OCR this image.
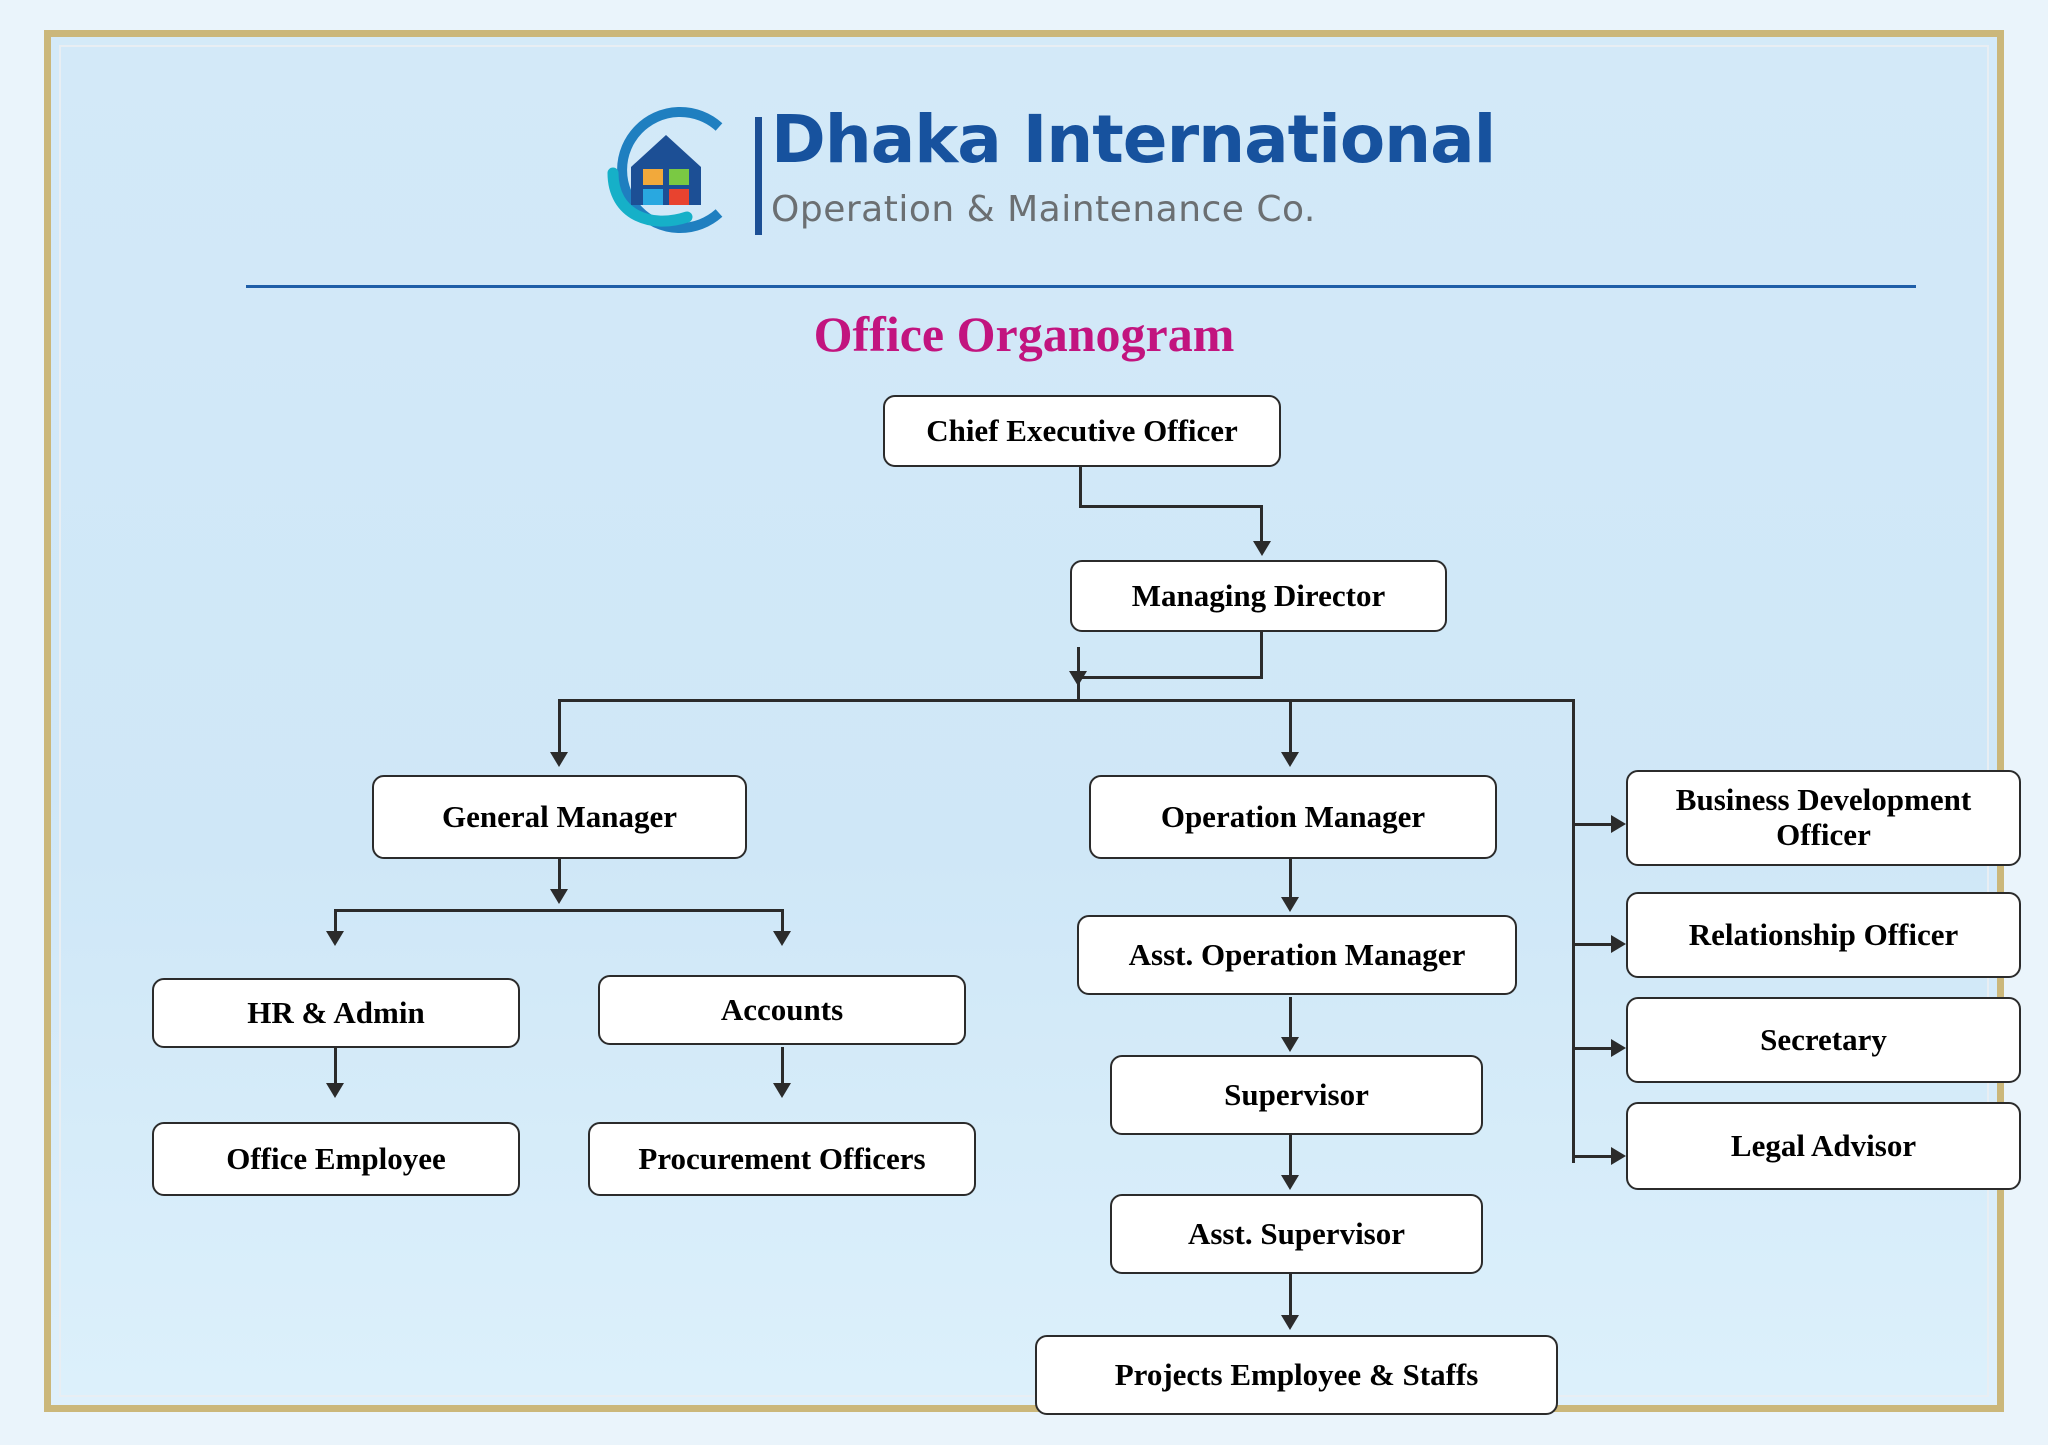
Dhaka International
Operation & Maintenance Co.
Office Organogram
Chief Executive Officer
Managing Director
General Manager	Operation Manager	Business Development Officer
Relationship Officer
Secretary
Legal Advisor
HR & Admin	Accounts
Office Employee	Procurement Officers
Asst. Operation Manager
Supervisor
Asst. Supervisor
Projects Employee & Staffs
